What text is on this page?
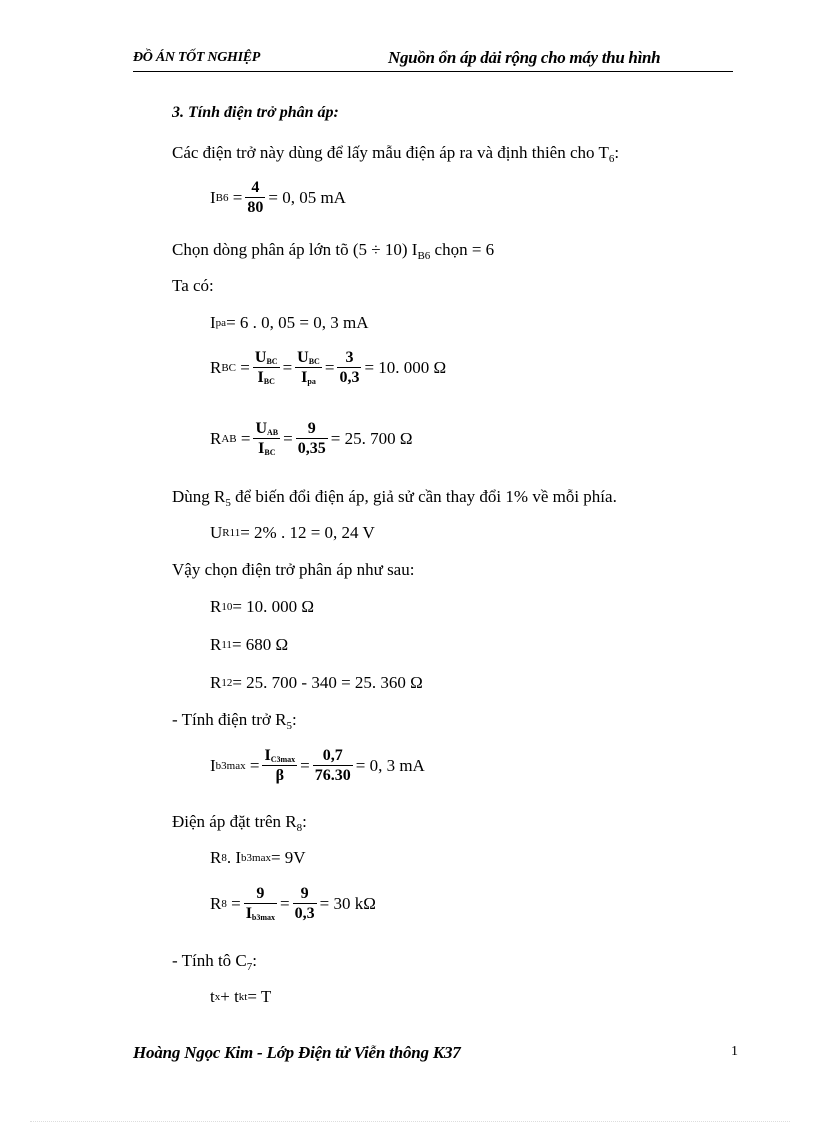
ĐỒ ÁN TỐT NGHIỆP	Nguồn ổn áp dải rộng cho máy thu hình
3. Tính điện trở phân áp:
Các điện trở này dùng để lấy mẫu điện áp ra và định thiên cho $T_6$:
I $B6 = \frac{4}{80} = 0$, 05 mA
Chọn dòng phân áp lớn tõ (5 ÷ 10) $I_{B6}$ chọn = 6
Ta có:
I pa = 6 . 0, 05 = 0, 3 mA
R BC = $\frac{U_{BC}}{I_{BC}} = \frac{U_{BC}}{I_{pa}} = \frac{3}{0,3} = 10$. 000 Ω
R AB = $\frac{U_{AB}}{I_{BC}} = \frac{9}{0,35} = 25$. 700 Ω
Dùng $R_5$ để biến đổi điện áp, giả sử cần thay đổi 1% về mỗi phía.
U R11 = 2% . 12 = 0, 24 V
Vậy chọn điện trở phân áp như sau:
R 10 = 10. 000 Ω
R 11 = 680 Ω
R 12 = 25. 700 - 340 = 25. 360 Ω
- Tính điện trở $R_5$:
I $b3\max = \frac{I_{C3max}}{\beta} = \frac{0,7}{76.30} = 0$, 3 mA
Điện áp đặt trên $R_8$:
R 8 . I b3max = 9V
R $8 = \frac{9}{I_{b3max}} = \frac{9}{0,3} = 30$ kΩ
- Tính tô $C_7$:
t x + t kt = T
Hoàng Ngọc Kim - Lớp Điện tử Viễn thông K37	1
